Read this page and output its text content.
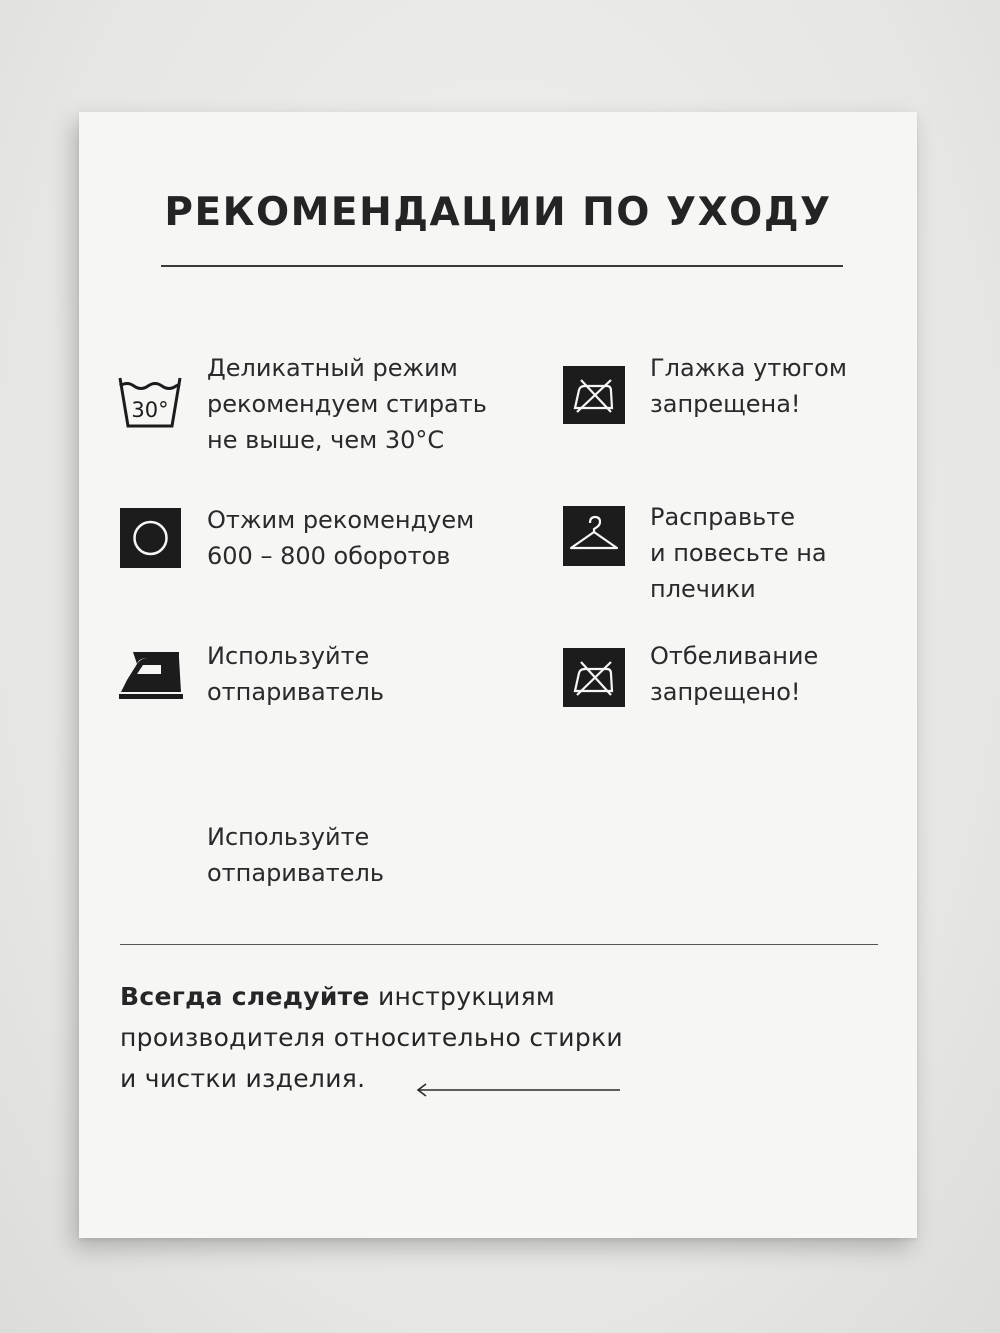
РЕКОМЕНДАЦИИ ПО УХОДУ
30°

Деликатный режим
рекомендуем стирать
не выше, чем 30°C

Глажка утюгом
запрещена!

Отжим рекомендуем
600 – 800 оборотов

Расправьте
и повесьте на
плечики

Используйте
отпариватель

Отбеливание
запрещено!

Используйте
отпариватель

Всегда следуйте инструкциям
производителя относительно стирки
и чистки изделия.
